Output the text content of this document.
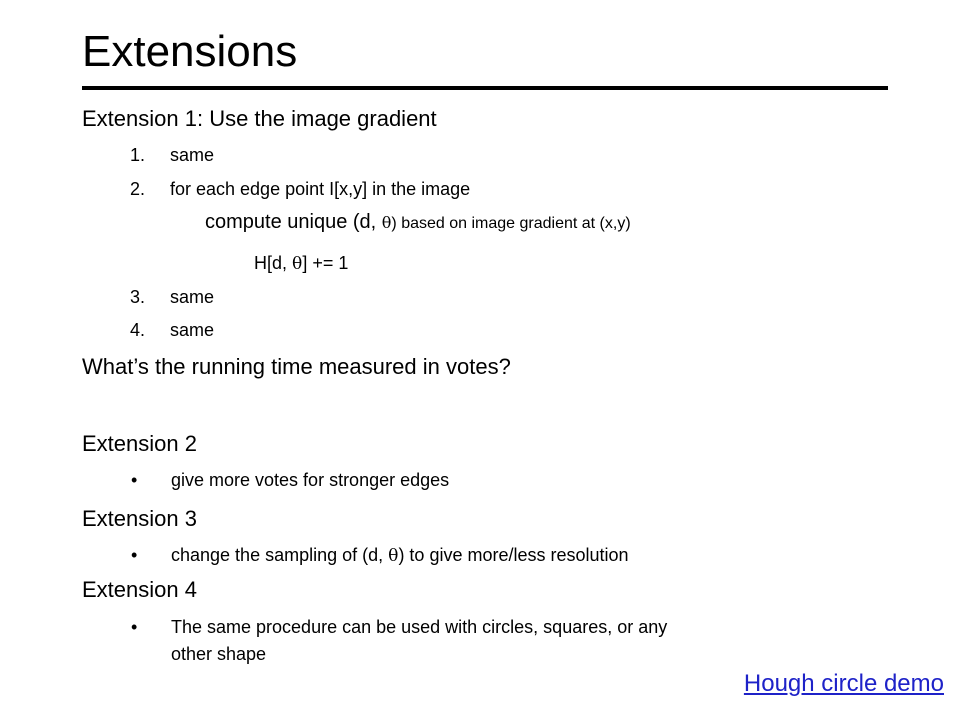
Extensions
Extension 1: Use the image gradient
1. same
2. for each edge point I[x,y] in the image
compute unique (d, θ) based on image gradient at (x,y)
H[d, θ] += 1
3. same
4. same
What’s the running time measured in votes?
Extension 2
• give more votes for stronger edges
Extension 3
• change the sampling of (d, θ) to give more/less resolution
Extension 4
• The same procedure can be used with circles, squares, or any
other shape
Hough circle demo
